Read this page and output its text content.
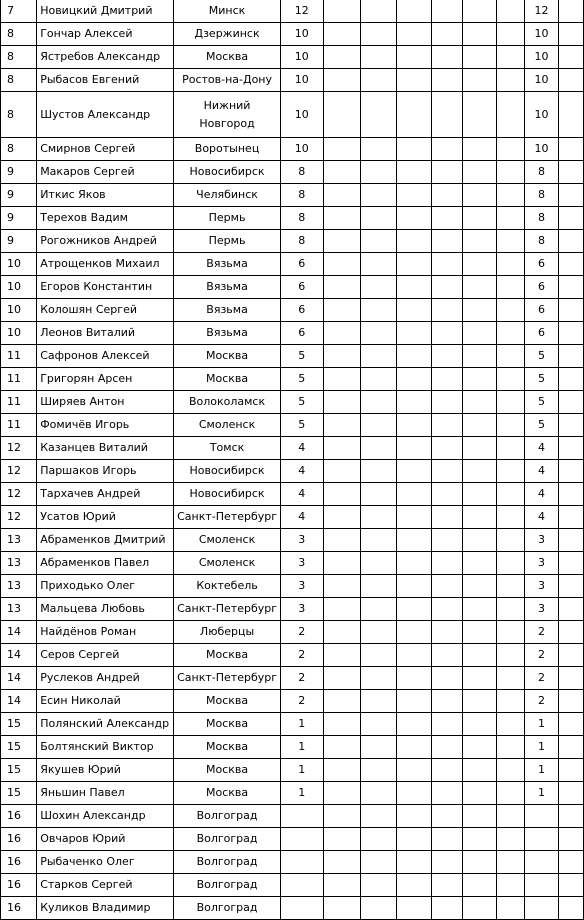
7	Новицкий Дмитрий	Минск	12							12	
8	Гончар Алексей	Дзержинск	10							10	
8	Ястребов Александр	Москва	10							10	
8	Рыбасов Евгений	Ростов-на-Дону	10							10	
8	Шустов Александр	Нижний Новгород	10							10	
8	Смирнов Сергей	Воротынец	10							10	
9	Макаров Сергей	Новосибирск	8							8	
9	Иткис Яков	Челябинск	8							8	
9	Терехов Вадим	Пермь	8							8	
9	Рогожников Андрей	Пермь	8							8	
10	Атрощенков Михаил	Вязьма	6							6	
10	Егоров Константин	Вязьма	6							6	
10	Колошян Сергей	Вязьма	6							6	
10	Леонов Виталий	Вязьма	6							6	
11	Сафронов Алексей	Москва	5							5	
11	Григорян Арсен	Москва	5							5	
11	Ширяев Антон	Волоколамск	5							5	
11	Фомичёв Игорь	Смоленск	5							5	
12	Казанцев Виталий	Томск	4							4	
12	Паршаков Игорь	Новосибирск	4							4	
12	Тархачев Андрей	Новосибирск	4							4	
12	Усатов Юрий	Санкт-Петербург	4							4	
13	Абраменков Дмитрий	Смоленск	3							3	
13	Абраменков Павел	Смоленск	3							3	
13	Приходько Олег	Коктебель	3							3	
13	Мальцева Любовь	Санкт-Петербург	3							3	
14	Найдёнов Роман	Люберцы	2							2	
14	Серов Сергей	Москва	2							2	
14	Руслеков Андрей	Санкт-Петербург	2							2	
14	Есин Николай	Москва	2							2	
15	Полянский Александр	Москва	1							1	
15	Болтянский Виктор	Москва	1							1	
15	Якушев Юрий	Москва	1							1	
15	Яньшин Павел	Москва	1							1	
16	Шохин Александр	Волгоград									
16	Овчаров Юрий	Волгоград									
16	Рыбаченко Олег	Волгоград									
16	Старков Сергей	Волгоград									
16	Куликов Владимир	Волгоград									
